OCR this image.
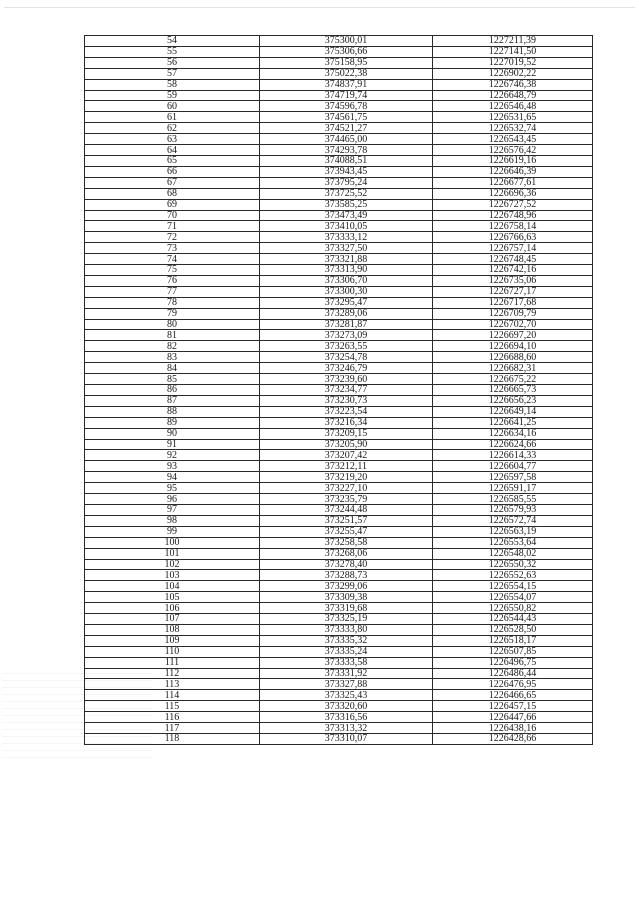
54	375300,01	1227211,39
55	375306,66	1227141,50
56	375158,95	1227019,52
57	375022,38	1226902,22
58	374837,91	1226746,38
59	374719,74	1226648,79
60	374596,78	1226546,48
61	374561,75	1226531,65
62	374521,27	1226532,74
63	374465,00	1226543,45
64	374293,78	1226576,42
65	374088,51	1226619,16
66	373943,45	1226646,39
67	373795,24	1226677,61
68	373725,52	1226696,36
69	373585,25	1226727,52
70	373473,49	1226748,96
71	373410,05	1226758,14
72	373333,12	1226766,63
73	373327,50	1226757,14
74	373321,88	1226748,45
75	373313,90	1226742,16
76	373306,70	1226735,06
77	373300,30	1226727,17
78	373295,47	1226717,68
79	373289,06	1226709,79
80	373281,87	1226702,70
81	373273,09	1226697,20
82	373263,55	1226694,10
83	373254,78	1226688,60
84	373246,79	1226682,31
85	373239,60	1226675,22
86	373234,77	1226665,73
87	373230,73	1226656,23
88	373223,54	1226649,14
89	373216,34	1226641,25
90	373209,15	1226634,16
91	373205,90	1226624,66
92	373207,42	1226614,33
93	373212,11	1226604,77
94	373219,20	1226597,58
95	373227,10	1226591,17
96	373235,79	1226585,55
97	373244,48	1226579,93
98	373251,57	1226572,74
99	373255,47	1226563,19
100	373258,58	1226553,64
101	373268,06	1226548,02
102	373278,40	1226550,32
103	373288,73	1226552,63
104	373299,06	1226554,15
105	373309,38	1226554,07
106	373319,68	1226550,82
107	373325,19	1226544,43
108	373333,80	1226528,50
109	373335,32	1226518,17
110	373335,24	1226507,85
111	373333,58	1226496,75
112	373331,92	1226486,44
113	373327,88	1226476,95
114	373325,43	1226466,65
115	373320,60	1226457,15
116	373316,56	1226447,66
117	373313,32	1226438,16
118	373310,07	1226428,66
